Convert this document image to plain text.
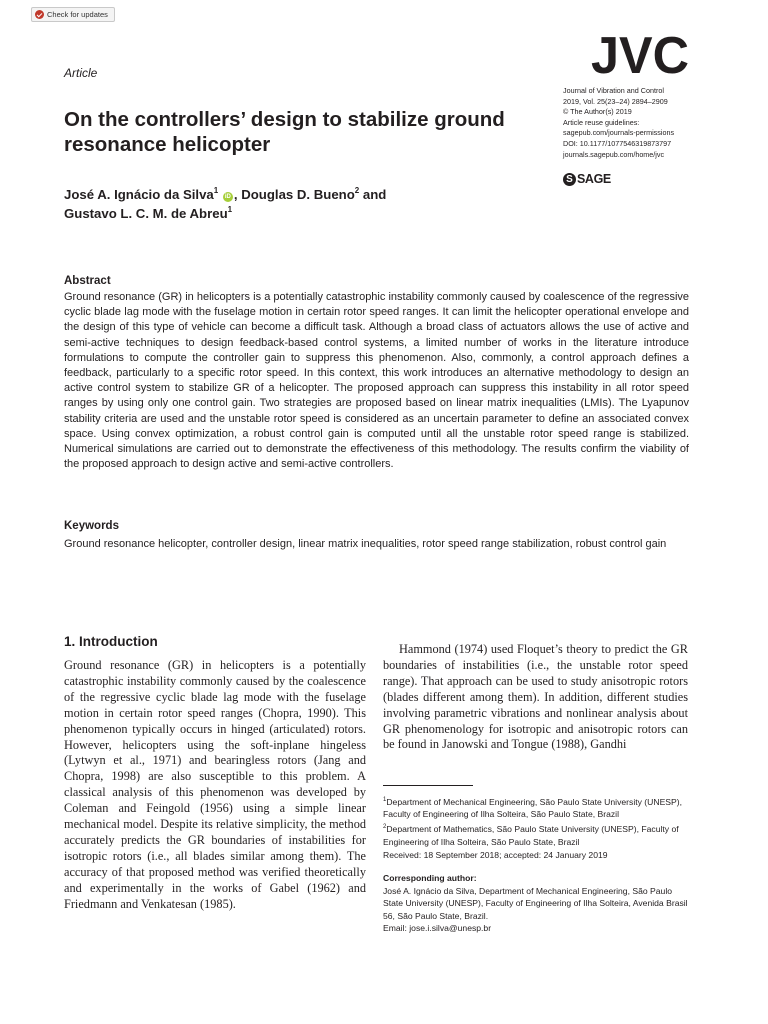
Check for updates
Article	JVC
Journal of Vibration and Control
2019, Vol. 25(23–24) 2894–2909
© The Author(s) 2019
Article reuse guidelines:
sagepub.com/journals-permissions
DOI: 10.1177/1077546319873797
journals.sagepub.com/home/jvc
S SAGE
On the controllers’ design to stabilize ground resonance helicopter
José A. Ignácio da Silva$^1$ iD , Douglas D. Bueno$^2$ and
Gustavo L. C. M. de Abreu$^1$
Abstract

Ground resonance (GR) in helicopters is a potentially catastrophic instability commonly caused by coalescence of the regressive cyclic blade lag mode with the fuselage motion in certain rotor speed ranges. It can limit the helicopter operational envelope and the design of this type of vehicle can become a difficult task. Although a broad class of actuators allows the use of active and semi-active techniques to design feedback-based control systems, a limited number of works in the literature introduce formulations to compute the controller gain to suppress this phenomenon. Also, commonly, a control approach defines a feedback, particularly to a specific rotor speed. In this context, this work introduces an alternative methodology to design an active control system to stabilize GR of a helicopter. The proposed approach can suppress this instability in all rotor speed ranges by using only one control gain. Two strategies are proposed based on linear matrix inequalities (LMIs). The Lyapunov stability criteria are used and the unstable rotor speed is considered as an uncertain parameter to define an associated convex space. Using convex optimization, a robust control gain is computed until all the unstable rotor speed range is stabilized. Numerical simulations are carried out to demonstrate the effectiveness of this methodology. The results confirm the viability of the proposed approach to design active and semi-active controllers.

Keywords

Ground resonance helicopter, controller design, linear matrix inequalities, rotor speed range stabilization, robust control gain

1. Introduction

Ground resonance (GR) in helicopters is a potentially catastrophic instability commonly caused by the coalescence of the regressive cyclic blade lag mode with the fuselage motion in certain rotor speed ranges (Chopra, 1990). This phenomenon typically occurs in hinged (articulated) rotors. However, helicopters using the soft-inplane hingeless (Lytwyn et al., 1971) and bearingless rotors (Jang and Chopra, 1998) are also susceptible to this problem. A classical analysis of this phenomenon was developed by Coleman and Feingold (1956) using a simple linear mechanical model. Despite its relative simplicity, the method accurately predicts the GR boundaries of instabilities for isotropic rotors (i.e., all blades similar among them). The accuracy of that proposed method was verified theoretically and experimentally in the works of Gabel (1962) and Friedmann and Venkatesan (1985).

Hammond (1974) used Floquet’s theory to predict the GR boundaries of instabilities (i.e., the unstable rotor speed range). That approach can be used to study anisotropic rotors (blades different among them). In addition, different studies involving parametric vibrations and nonlinear analysis about GR phenomenology for isotropic and anisotropic rotors can be found in Janowski and Tongue (1988), Gandhi

$^1$Department of Mechanical Engineering, São Paulo State University (UNESP), Faculty of Engineering of Ilha Solteira, São Paulo State, Brazil
$^2$Department of Mathematics, São Paulo State University (UNESP), Faculty of Engineering of Ilha Solteira, São Paulo State, Brazil
Received: 18 September 2018; accepted: 24 January 2019
Corresponding author:
José A. Ignácio da Silva, Department of Mechanical Engineering, São Paulo State University (UNESP), Faculty of Engineering of Ilha Solteira, Avenida Brasil 56, São Paulo State, Brazil.
Email: jose.i.silva@unesp.br
